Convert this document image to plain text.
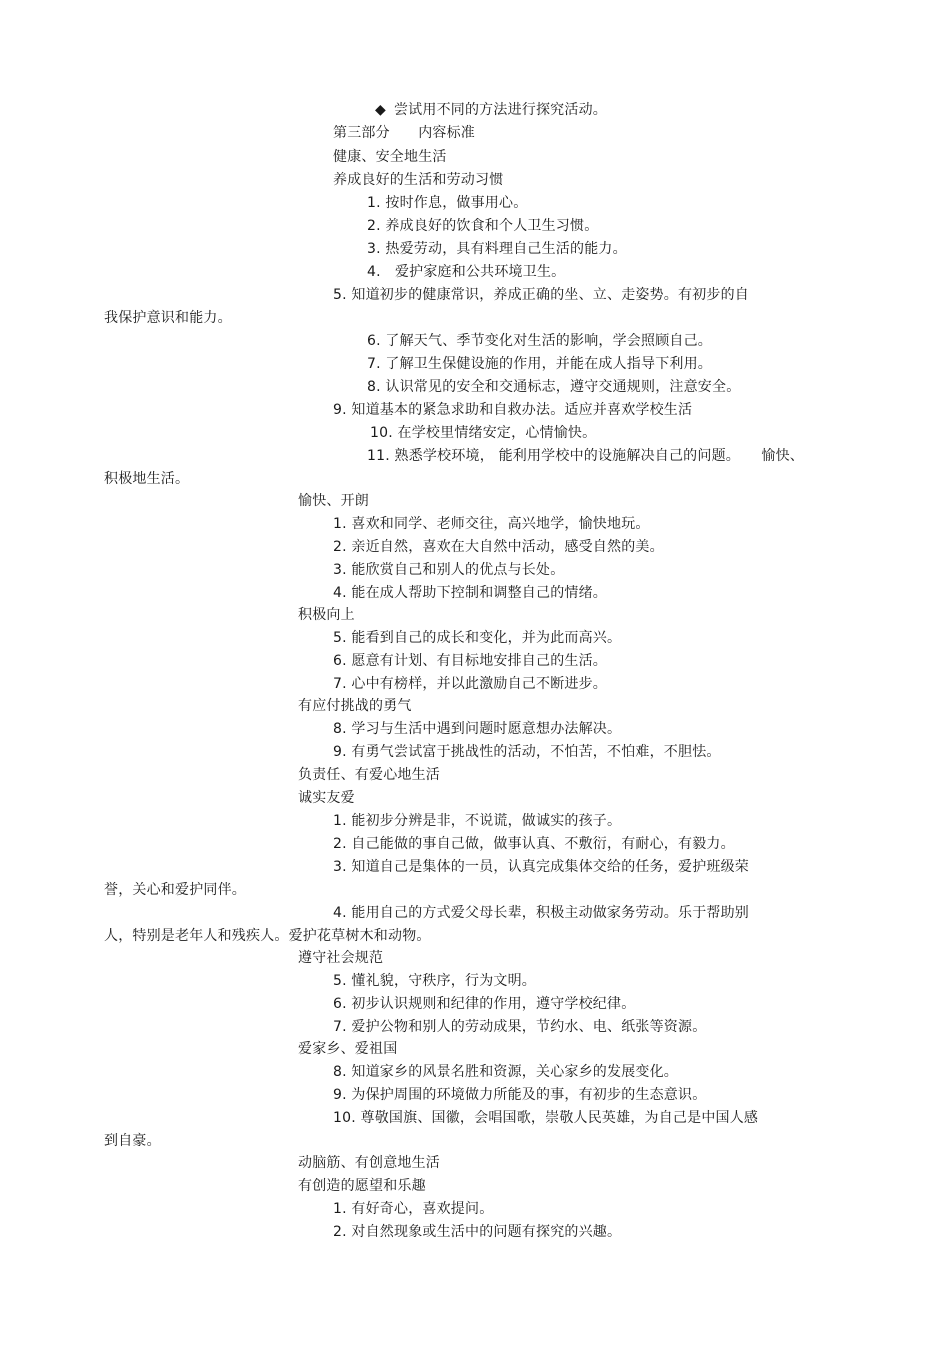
◆ 尝试用不同的方法进行探究活动。
第三部分　　内容标准
健康、安全地生活
养成良好的生活和劳动习惯
1. 按时作息，做事用心。
2. 养成良好的饮食和个人卫生习惯。
3. 热爱劳动，具有料理自己生活的能力。
4.　爱护家庭和公共环境卫生。
5. 知道初步的健康常识，养成正确的坐、立、走姿势。有初步的自
我保护意识和能力。
6. 了解天气、季节变化对生活的影响，学会照顾自己。
7. 了解卫生保健设施的作用，并能在成人指导下利用。
8. 认识常见的安全和交通标志，遵守交通规则，注意安全。
9. 知道基本的紧急求助和自救办法。适应并喜欢学校生活
10. 在学校里情绪安定，心情愉快。
11. 熟悉学校环境， 能利用学校中的设施解决自己的问题。　　愉快、
积极地生活。
愉快、开朗
1. 喜欢和同学、老师交往，高兴地学，愉快地玩。
2. 亲近自然，喜欢在大自然中活动，感受自然的美。
3. 能欣赏自己和别人的优点与长处。
4. 能在成人帮助下控制和调整自己的情绪。
积极向上
5. 能看到自己的成长和变化，并为此而高兴。
6. 愿意有计划、有目标地安排自己的生活。
7. 心中有榜样，并以此激励自己不断进步。
有应付挑战的勇气
8. 学习与生活中遇到问题时愿意想办法解决。
9. 有勇气尝试富于挑战性的活动，不怕苦，不怕难，不胆怯。
负责任、有爱心地生活
诚实友爱
1. 能初步分辨是非，不说谎，做诚实的孩子。
2. 自己能做的事自己做，做事认真、不敷衍，有耐心，有毅力。
3. 知道自己是集体的一员，认真完成集体交给的任务，爱护班级荣
誉，关心和爱护同伴。
4. 能用自己的方式爱父母长辈，积极主动做家务劳动。乐于帮助别
人，特别是老年人和残疾人。爱护花草树木和动物。
遵守社会规范
5. 懂礼貌，守秩序，行为文明。
6. 初步认识规则和纪律的作用，遵守学校纪律。
7. 爱护公物和别人的劳动成果，节约水、电、纸张等资源。
爱家乡、爱祖国
8. 知道家乡的风景名胜和资源，关心家乡的发展变化。
9. 为保护周围的环境做力所能及的事，有初步的生态意识。
10. 尊敬国旗、国徽，会唱国歌，崇敬人民英雄，为自己是中国人感
到自豪。
动脑筋、有创意地生活
有创造的愿望和乐趣
1. 有好奇心，喜欢提问。
2. 对自然现象或生活中的问题有探究的兴趣。
